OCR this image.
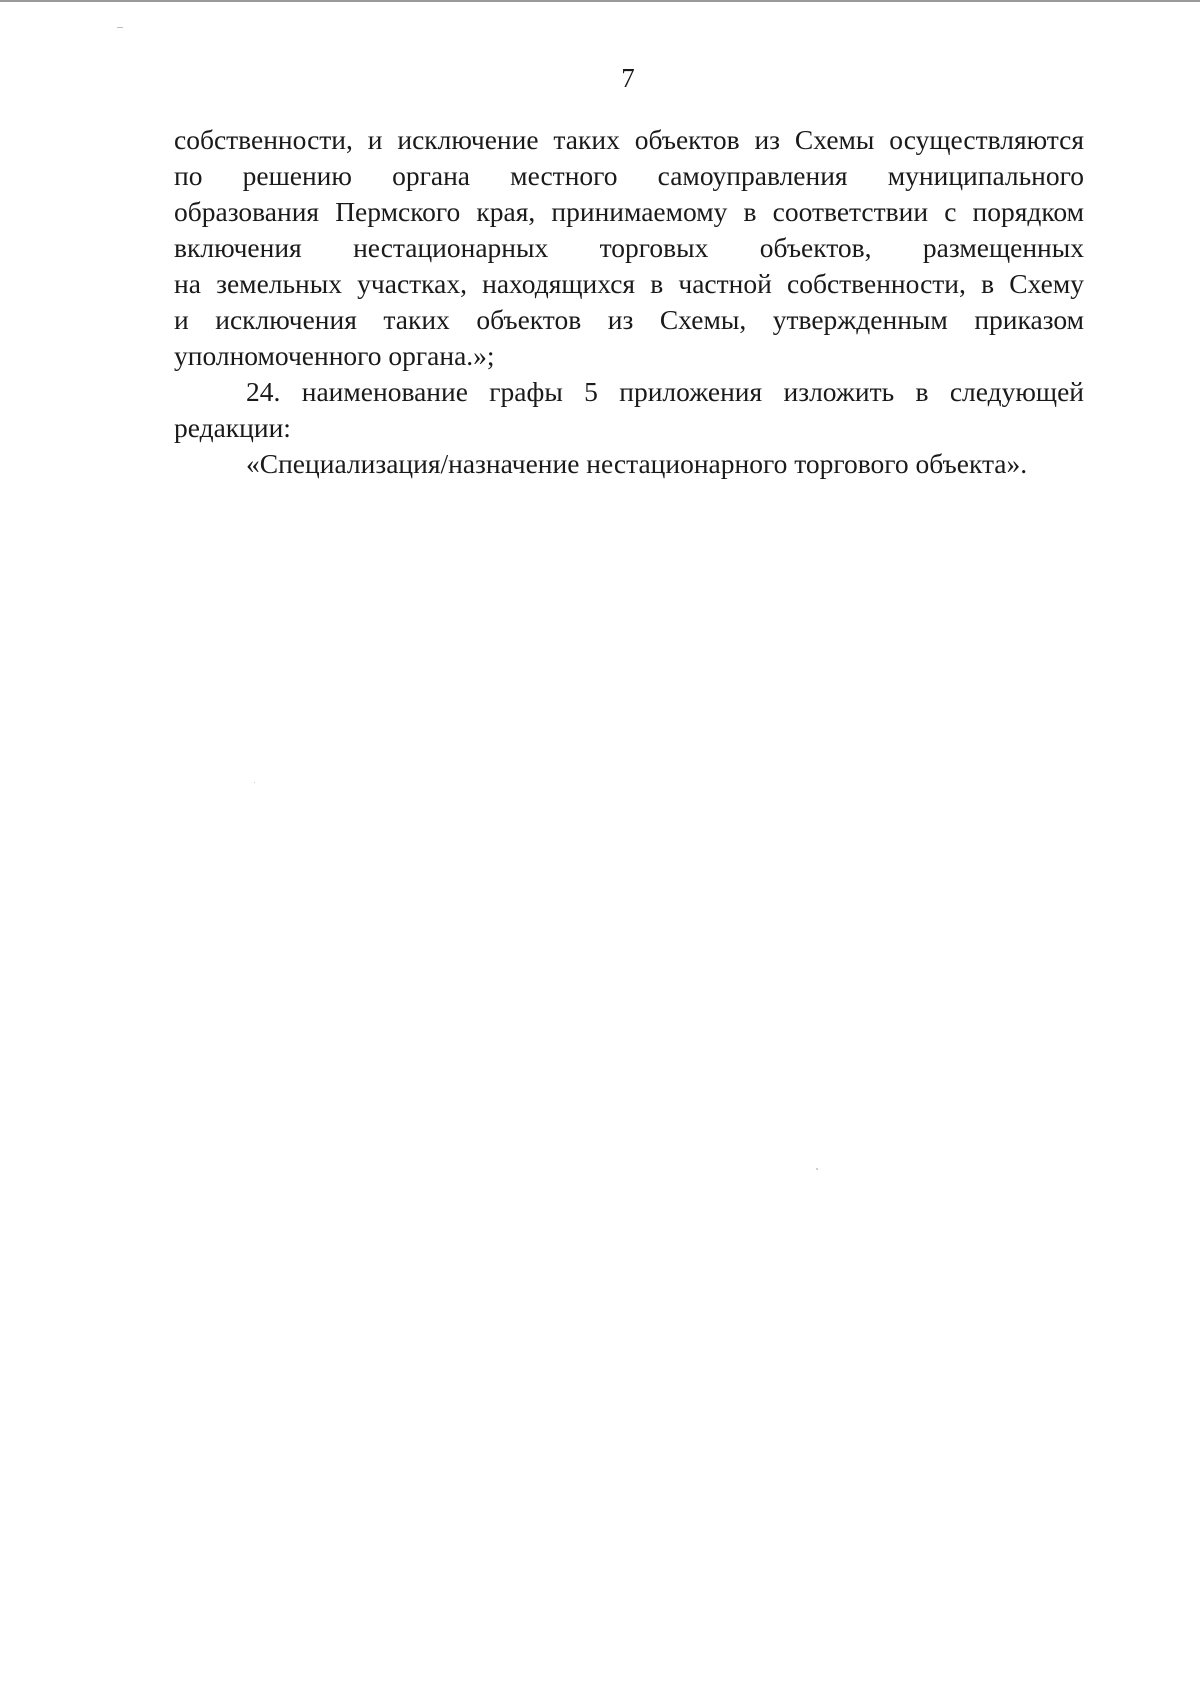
7
собственности, и исключение таких объектов из Схемы осуществляются
по решению органа местного самоуправления муниципального
образования Пермского края, принимаемому в соответствии с порядком
включения нестационарных торговых объектов, размещенных
на земельных участках, находящихся в частной собственности, в Схему
и исключения таких объектов из Схемы, утвержденным приказом
уполномоченного органа.»;
24. наименование графы 5 приложения изложить в следующей
редакции:
«Специализация/назначение нестационарного торгового объекта».
